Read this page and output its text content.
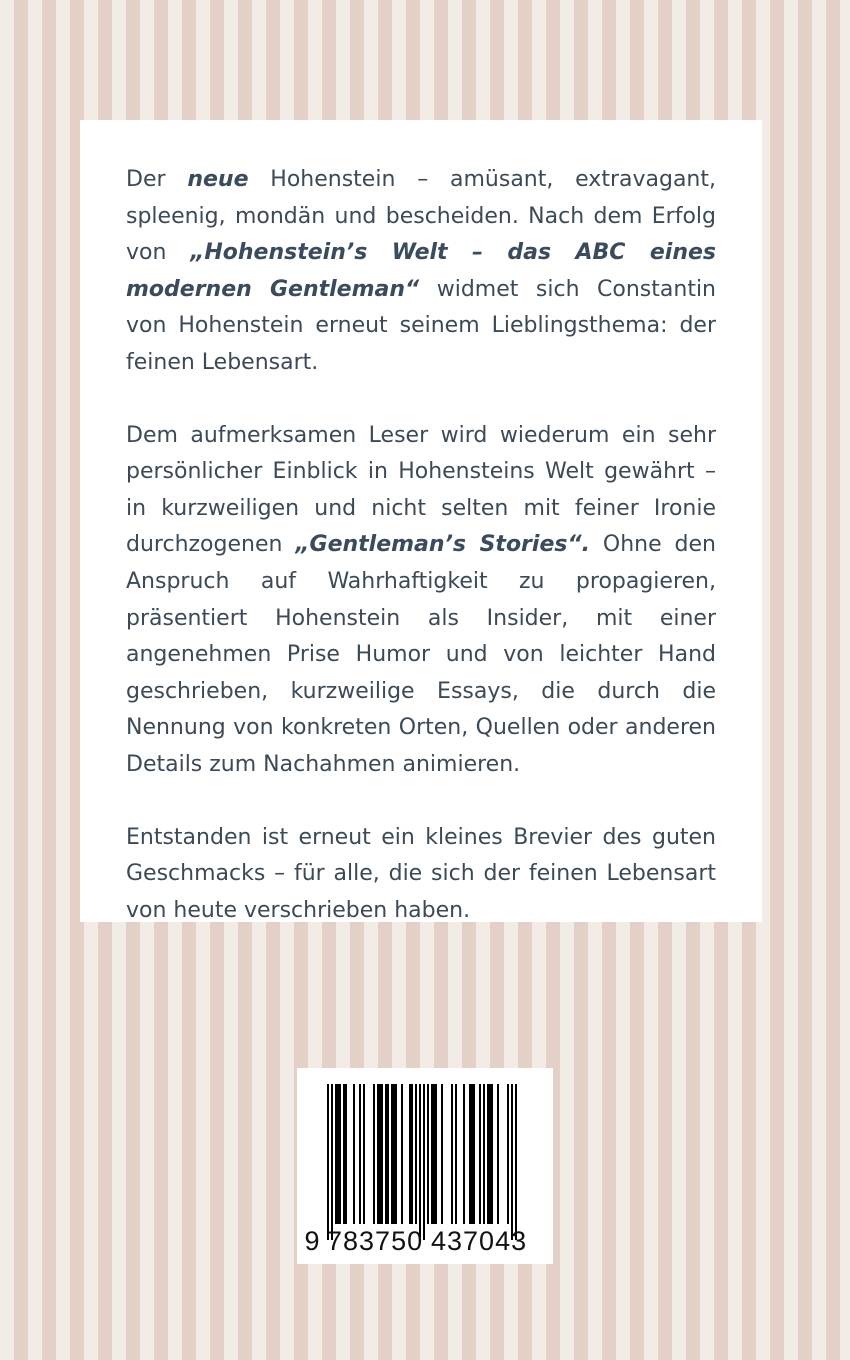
Der neue Hohenstein – amüsant, extravagant, spleenig, mondän und bescheiden. Nach dem Erfolg von „Hohenstein’s Welt – das ABC eines modernen Gentleman“ widmet sich Constantin von Hohenstein erneut seinem Lieblingsthema: der feinen Lebensart.

Dem aufmerksamen Leser wird wiederum ein sehr persönlicher Einblick in Hohensteins Welt gewährt – in kurzweiligen und nicht selten mit feiner Ironie durchzogenen „Gentleman’s Stories“. Ohne den Anspruch auf Wahrhaftigkeit zu propagieren, präsentiert Hohenstein als Insider, mit einer angenehmen Prise Humor und von leichter Hand geschrieben, kurzweilige Essays, die durch die Nennung von konkreten Orten, Quellen oder anderen Details zum Nachahmen animieren.

Entstanden ist erneut ein kleines Brevier des guten Geschmacks – für alle, die sich der feinen Lebensart von heute verschrieben haben.

9 783750 437043
